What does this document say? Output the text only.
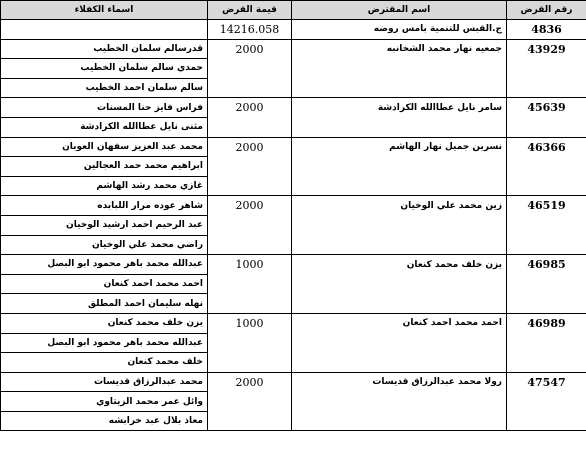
رقم القرض	اسم المقترض	قيمة القرض	اسماء الكفلاء
4836	ج.القبس للتنمية بامس روضه	14216.058	
43929	جمعيه نهار محمد الشخانبه	2000	قدرسالم سلمان الخطيب
			حمدي سالم سلمان الخطيب
			سالم سلمان احمد الخطيب
45639	سامر نايل عطاالله الكرادشة	2000	فراس فايز حنا المسنات
			مثنى نايل عطاالله الكرادشة
46366	نسرين جميل نهار الهاشم	2000	محمد عبد العزيز سفهان العوبان
			ابراهيم محمد حمد العجالين
			غازي محمد رشد الهاشم
46519	زين محمد علي الوخيان	2000	شاهر عوده مرار اللبابده
			عبد الرحيم احمد ارشيد الوخيان
			راضي محمد علي الوخيان
46985	يزن خلف محمد كنعان	1000	عبدالله محمد باهر محمود ابو البصل
			احمد محمد احمد كنعان
			نهله سليمان احمد المطلق
46989	احمد محمد احمد كنعان	1000	يزن خلف محمد كنعان
			عبدالله محمد باهر محمود ابو البصل
			خلف محمد كنعان
47547	رولا محمد عبدالرزاق قديسات	2000	محمد عبدالرزاق قديسات
			وائل عمر محمد الزيتاوي
			معاذ بلال عبد خرابشه
